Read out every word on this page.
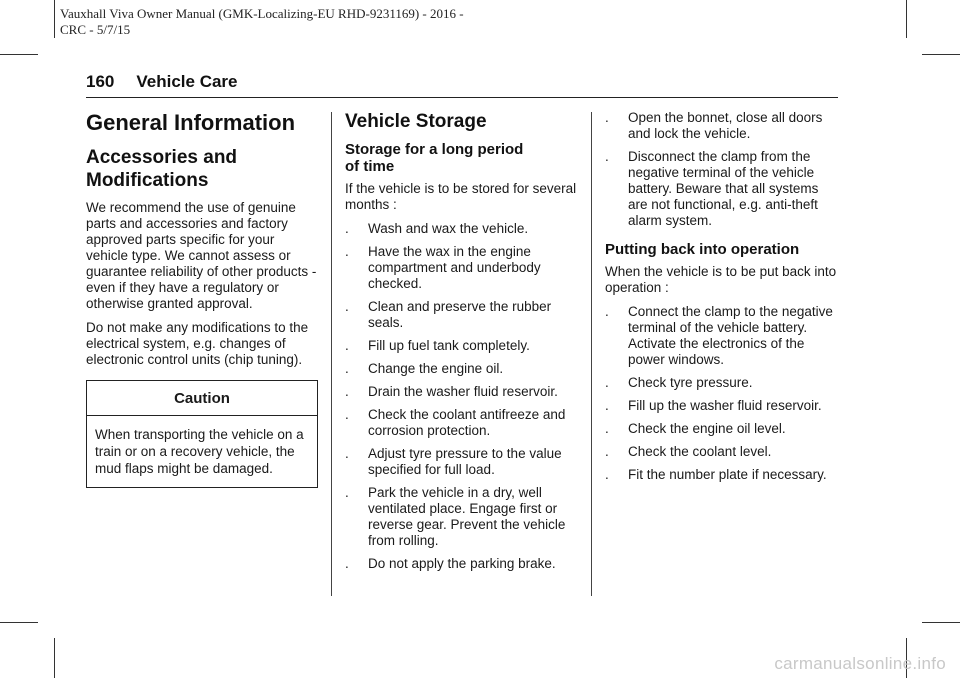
Vauxhall Viva Owner Manual (GMK-Localizing-EU RHD-9231169) - 2016 -
CRC - 5/7/15
160 Vehicle Care
General Information
Accessories and
Modifications

We recommend the use of genuine parts and accessories and factory approved parts specific for your vehicle type. We cannot assess or guarantee reliability of other products - even if they have a regulatory or otherwise granted approval.

Do not make any modifications to the electrical system, e.g. changes of electronic control units (chip tuning).

Caution
When transporting the vehicle on a train or on a recovery vehicle, the mud flaps might be damaged.
Vehicle Storage
Storage for a long period
of time

If the vehicle is to be stored for several months :

. Wash and wax the vehicle.
. Have the wax in the engine compartment and underbody checked.
. Clean and preserve the rubber seals.
. Fill up fuel tank completely.
. Change the engine oil.
. Drain the washer fluid reservoir.
. Check the coolant antifreeze and corrosion protection.
. Adjust tyre pressure to the value specified for full load.
. Park the vehicle in a dry, well ventilated place. Engage first or reverse gear. Prevent the vehicle from rolling.
. Do not apply the parking brake.
. Open the bonnet, close all doors and lock the vehicle.
. Disconnect the clamp from the negative terminal of the vehicle battery. Beware that all systems are not functional, e.g. anti-theft alarm system.
Putting back into operation

When the vehicle is to be put back into operation :

. Connect the clamp to the negative terminal of the vehicle battery. Activate the electronics of the power windows.
. Check tyre pressure.
. Fill up the washer fluid reservoir.
. Check the engine oil level.
. Check the coolant level.
. Fit the number plate if necessary.
carmanualsonline.info
